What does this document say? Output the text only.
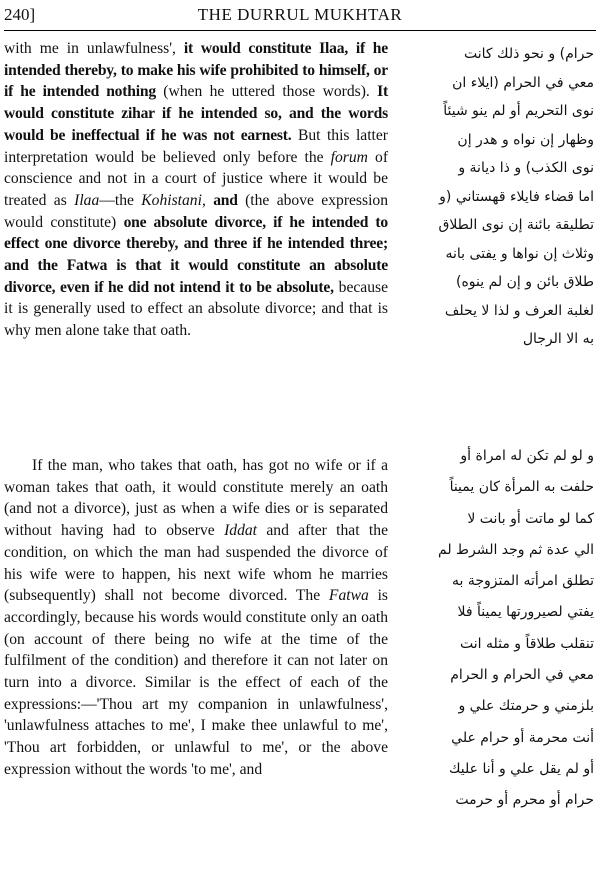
240]	THE DURRUL MUKHTAR

with me in unlawfulness', it would constitute Ilaa, if he intended thereby, to make his wife prohibited to himself, or if he intended nothing (when he uttered those words). It would constitute zihar if he intended so, and the words would be ineffectual if he was not earnest. But this latter interpretation would be believed only before the forum of conscience and not in a court of justice where it would be treated as Ilaa—the Kohistani, and (the above expression would constitute) one absolute divorce, if he intended to effect one divorce thereby, and three if he intended three; and the Fatwa is that it would constitute an absolute divorce, even if he did not intend it to be absolute, because it is generally used to effect an absolute divorce; and that is why men alone take that oath.

If the man, who takes that oath, has got no wife or if a woman takes that oath, it would constitute merely an oath (and not a divorce), just as when a wife dies or is separated without having had to observe Iddat and after that the condition, on which the man had suspended the divorce of his wife were to happen, his next wife whom he marries (subsequently) shall not become divorced. The Fatwa is accordingly, because his words would constitute only an oath (on account of there being no wife at the time of the fulfilment of the condition) and therefore it can not later on turn into a divorce. Similar is the effect of each of the expressions:—'Thou art my companion in unlawfulness', 'unlawfulness attaches to me', I make thee unlawful to me', 'Thou art forbidden, or unlawful to me', or the above expression without the words 'to me', and

حرام) و نحو ذلك كانت
معي في الحرام (ايلاء ان
نوى التحريم أو لم ينو شيئاً
وظهار إن نواه و هدر إن
نوى الكذب) و ذا ديانة و
اما قضاء فايلاء قهستاني (و
تطليقة بائنة إن نوى الطلاق
وثلاث إن نواها و يفتى بانه
طلاق بائن و إن لم ينوه)
لغلبة العرف و لذا لا يحلف
به الا الرجال
و لو لم تكن له امراة أو
حلفت به المرأة كان يميناً
كما لو ماتت أو بانت لا
الي عدة ثم وجد الشرط لم
تطلق امرأته المتزوجة به
يفتي لصيرورتها يميناً فلا
تنقلب طلاقاً و مثله انت
معي في الحرام و الحرام
بلزمني و حرمتك علي و
أنت محرمة أو حرام علي
أو لم يقل علي و أنا عليك
حرام أو محرم أو حرمت
